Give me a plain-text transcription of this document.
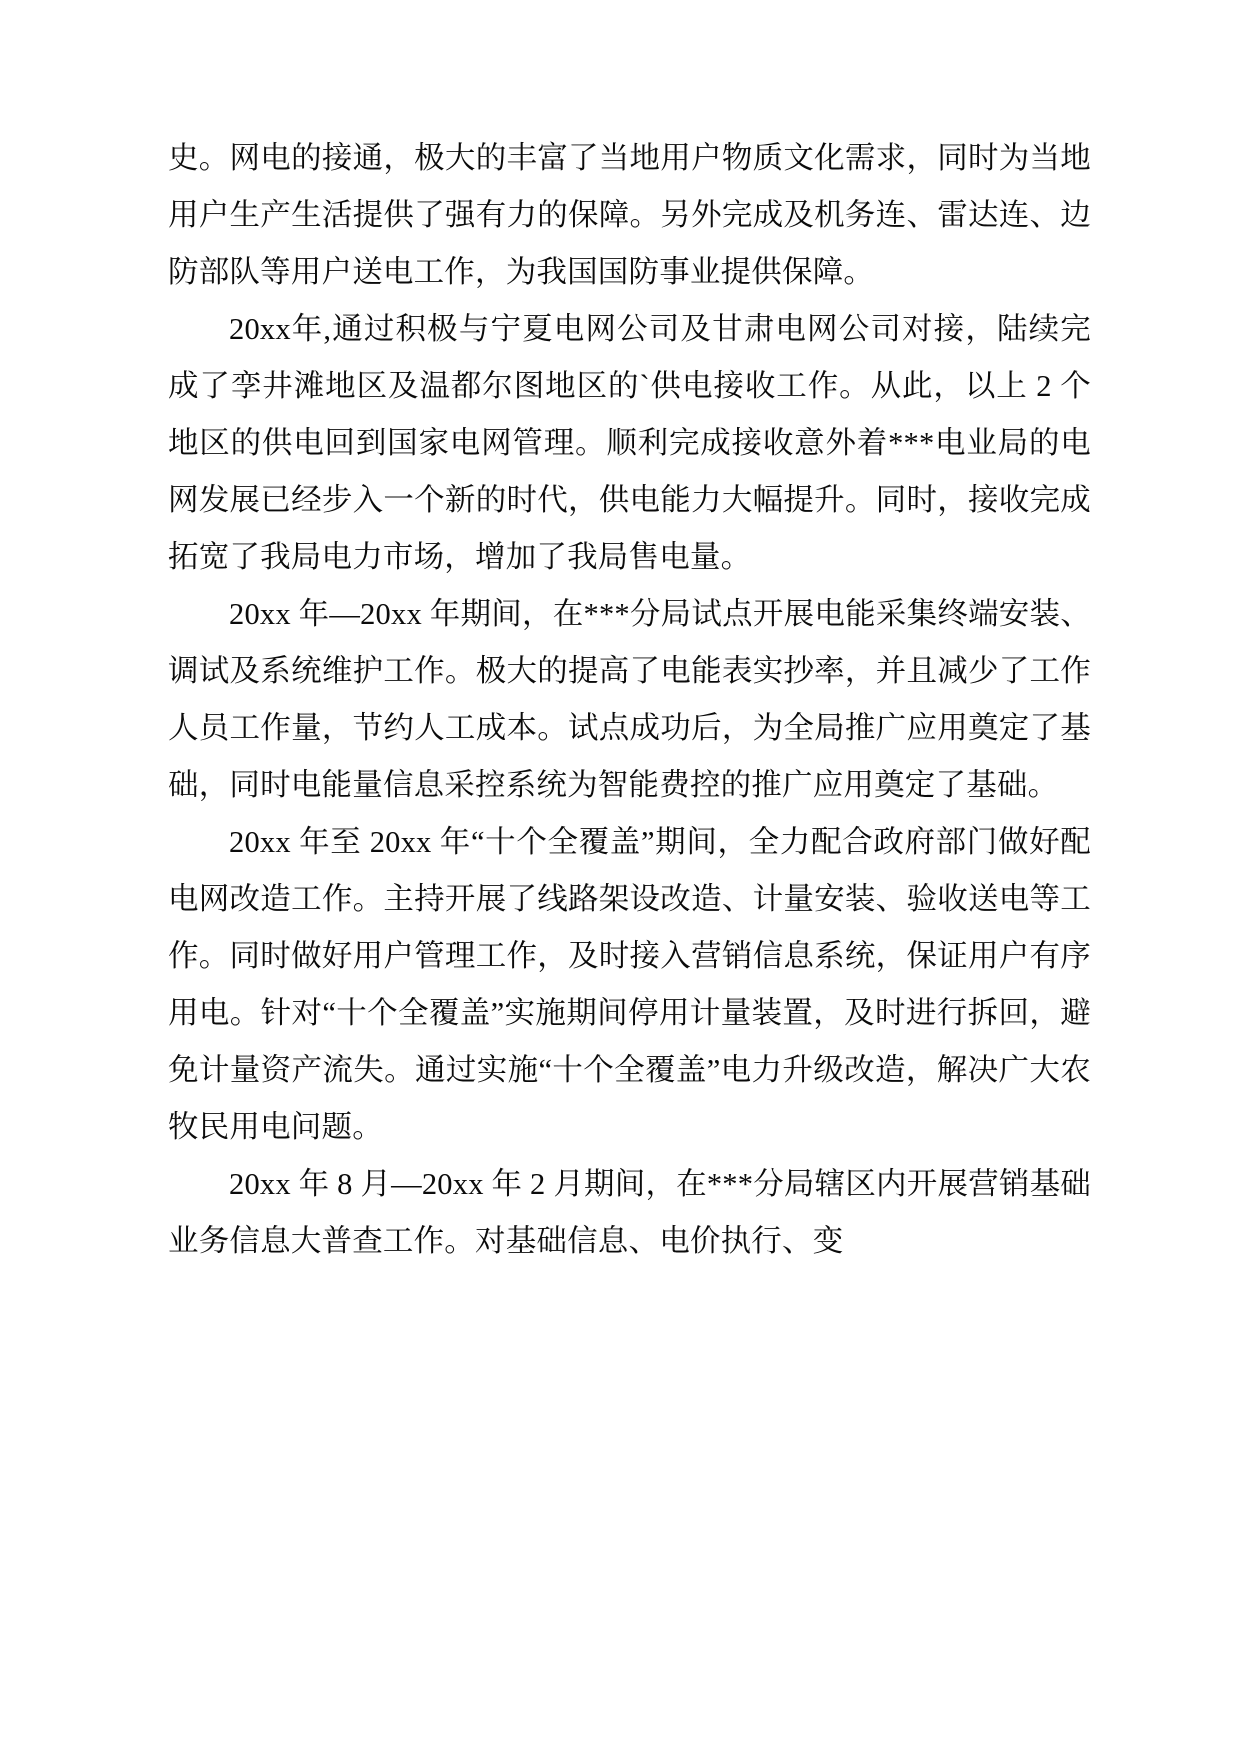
史。网电的接通，极大的丰富了当地用户物质文化需求，同时为当地用户生产生活提供了强有力的保障。另外完成及机务连、雷达连、边防部队等用户送电工作，为我国国防事业提供保障。

20xx年,通过积极与宁夏电网公司及甘肃电网公司对接，陆续完成了孪井滩地区及温都尔图地区的`供电接收工作。从此，以上 2 个地区的供电回到国家电网管理。顺利完成接收意外着***电业局的电网发展已经步入一个新的时代，供电能力大幅提升。同时，接收完成拓宽了我局电力市场，增加了我局售电量。

20xx 年—20xx 年期间，在***分局试点开展电能采集终端安装、调试及系统维护工作。极大的提高了电能表实抄率，并且减少了工作人员工作量，节约人工成本。试点成功后，为全局推广应用奠定了基础，同时电能量信息采控系统为智能费控的推广应用奠定了基础。

20xx 年至 20xx 年“十个全覆盖”期间，全力配合政府部门做好配电网改造工作。主持开展了线路架设改造、计量安装、验收送电等工作。同时做好用户管理工作，及时接入营销信息系统，保证用户有序用电。针对“十个全覆盖”实施期间停用计量装置，及时进行拆回，避免计量资产流失。通过实施“十个全覆盖”电力升级改造，解决广大农牧民用电问题。

20xx 年 8 月—20xx 年 2 月期间，在***分局辖区内开展营销基础业务信息大普查工作。对基础信息、电价执行、变
